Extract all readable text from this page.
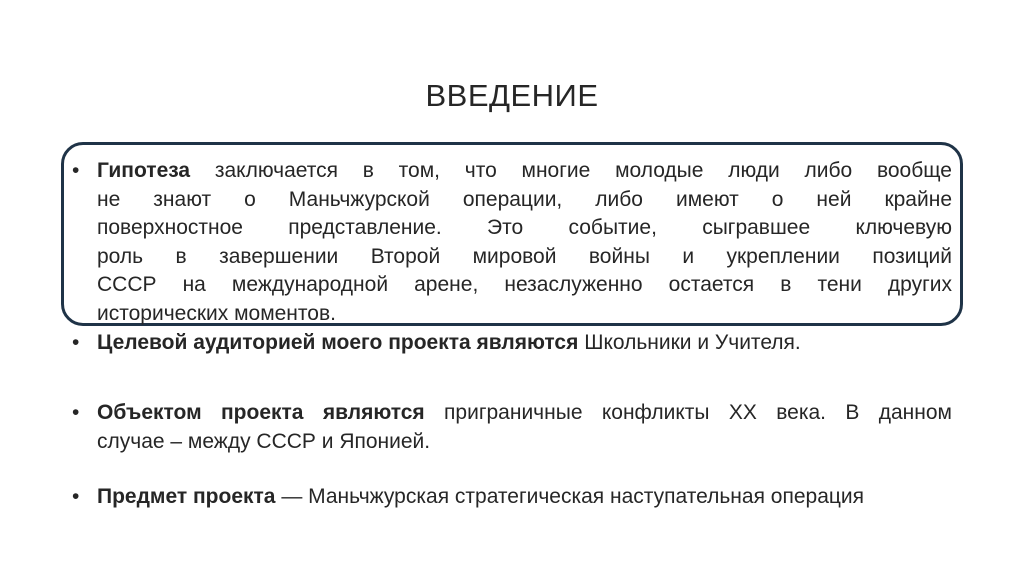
ВВЕДЕНИЕ
• Гипотеза заключается в том, что многие молодые люди либо вообще
не знают о Маньчжурской операции, либо имеют о ней крайне
поверхностное представление. Это событие, сыгравшее ключевую
роль в завершении Второй мировой войны и укреплении позиций
СССР на международной арене, незаслуженно остается в тени других
исторических моментов.
• Целевой аудиторией моего проекта являются Школьники и Учителя.
• Объектом проекта являются приграничные конфликты XX века. В данном
случае – между СССР и Японией.
• Предмет проекта — Маньчжурская стратегическая наступательная операция
